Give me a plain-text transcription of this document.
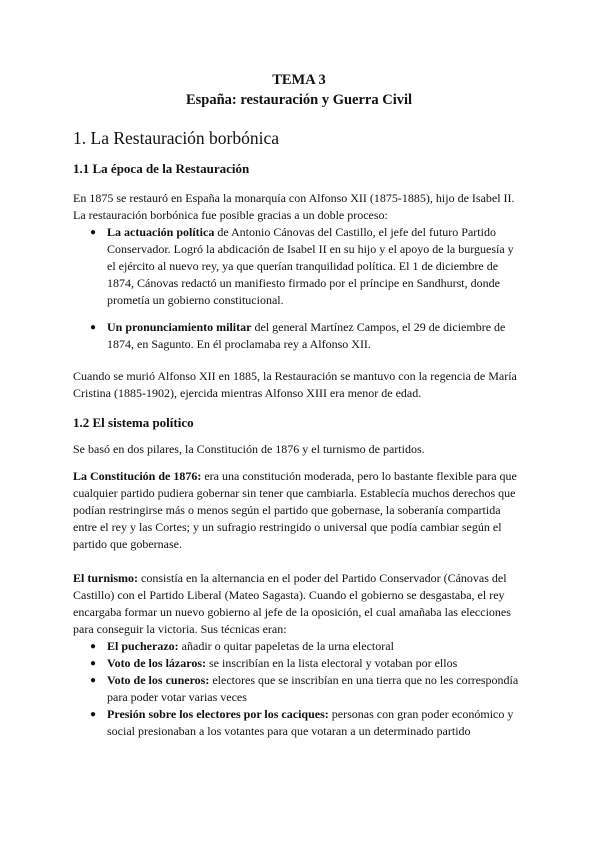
TEMA 3

España: restauración y Guerra Civil

1. La Restauración borbónica
1.1 La época de la Restauración

En 1875 se restauró en España la monarquía con Alfonso XII (1875-1885), hijo de Isabel II. La restauración borbónica fue posible gracias a un doble proceso:

● La actuación política de Antonio Cánovas del Castillo, el jefe del futuro Partido Conservador. Logró la abdicación de Isabel II en su hijo y el apoyo de la burguesía y el ejército al nuevo rey, ya que querían tranquilidad política. El 1 de diciembre de 1874, Cánovas redactó un manifiesto firmado por el príncipe en Sandhurst, donde prometía un gobierno constitucional.
● Un pronunciamiento militar del general Martínez Campos, el 29 de diciembre de 1874, en Sagunto. En él proclamaba rey a Alfonso XII.

Cuando se murió Alfonso XII en 1885, la Restauración se mantuvo con la regencia de María Cristina (1885-1902), ejercida mientras Alfonso XIII era menor de edad.

1.2 El sistema político

Se basó en dos pilares, la Constitución de 1876 y el turnismo de partidos.

La Constitución de 1876: era una constitución moderada, pero lo bastante flexible para que cualquier partido pudiera gobernar sin tener que cambiarla. Establecía muchos derechos que podían restringirse más o menos según el partido que gobernase, la soberanía compartida entre el rey y las Cortes; y un sufragio restringido o universal que podía cambiar según el partido que gobernase.

El turnismo: consistía en la alternancia en el poder del Partido Conservador (Cánovas del Castillo) con el Partido Liberal (Mateo Sagasta). Cuando el gobierno se desgastaba, el rey encargaba formar un nuevo gobierno al jefe de la oposición, el cual amañaba las elecciones para conseguir la victoria. Sus técnicas eran:

● El pucherazo: añadir o quitar papeletas de la urna electoral
● Voto de los lázaros: se inscribían en la lista electoral y votaban por ellos
● Voto de los cuneros: electores que se inscribían en una tierra que no les correspondía para poder votar varias veces
● Presión sobre los electores por los caciques: personas con gran poder económico y social presionaban a los votantes para que votaran a un determinado partido
